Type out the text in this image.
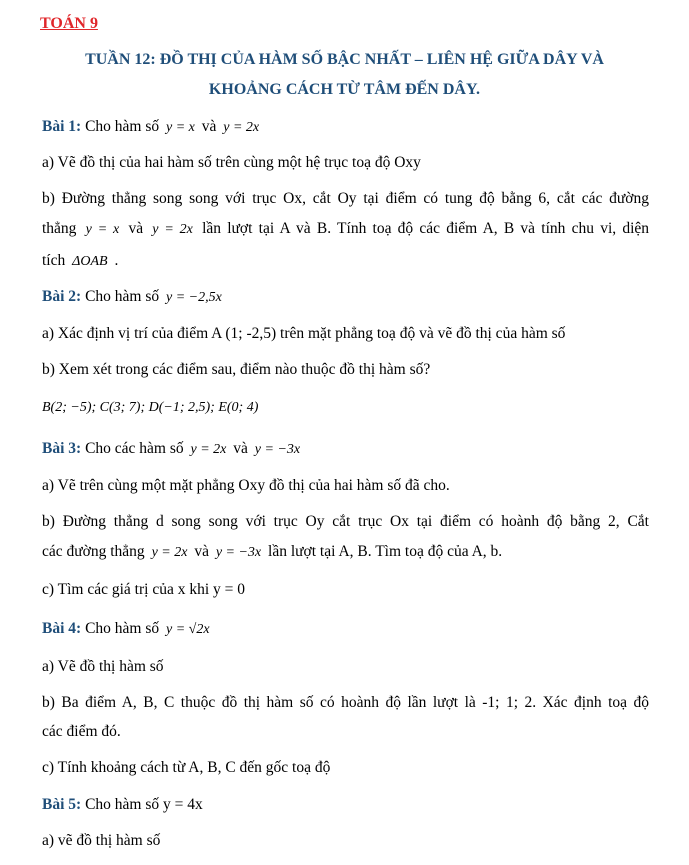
TOÁN 9
TUẦN 12: ĐỒ THỊ CỦA HÀM SỐ BẬC NHẤT – LIÊN HỆ GIỮA DÂY VÀ
KHOẢNG CÁCH TỪ TÂM ĐẾN DÂY.
Bài 1: Cho hàm số y = x và y = 2x
a) Vẽ đồ thị của hai hàm số trên cùng một hệ trục toạ độ Oxy
b) Đường thẳng song song với trục Ox, cắt Oy tại điểm có tung độ bằng 6, cắt các đường
thẳng y = x và y = 2x lần lượt tại A và B. Tính toạ độ các điểm A, B và tính chu vi, diện
tích ΔOAB .
Bài 2: Cho hàm số y = −2,5x
a) Xác định vị trí của điểm A (1; -2,5) trên mặt phẳng toạ độ và vẽ đồ thị của hàm số
b) Xem xét trong các điểm sau, điểm nào thuộc đồ thị hàm số?
B(2; −5); C(3; 7); D(−1; 2,5); E(0; 4)
Bài 3: Cho các hàm số y = 2x và y = −3x
a) Vẽ trên cùng một mặt phẳng Oxy đồ thị của hai hàm số đã cho.
b) Đường thẳng d song song với trục Oy cắt trục Ox tại điểm có hoành độ bằng 2, Cắt
các đường thẳng y = 2x và y = −3x lần lượt tại A, B. Tìm toạ độ của A, b.
c) Tìm các giá trị của x khi y = 0
Bài 4: Cho hàm số y = √2x
a) Vẽ đồ thị hàm số
b) Ba điểm A, B, C thuộc đồ thị hàm số có hoành độ lần lượt là -1; 1; 2. Xác định toạ độ
các điểm đó.
c) Tính khoảng cách từ A, B, C đến gốc toạ độ
Bài 5: Cho hàm số y = 4x
a) vẽ đồ thị hàm số
